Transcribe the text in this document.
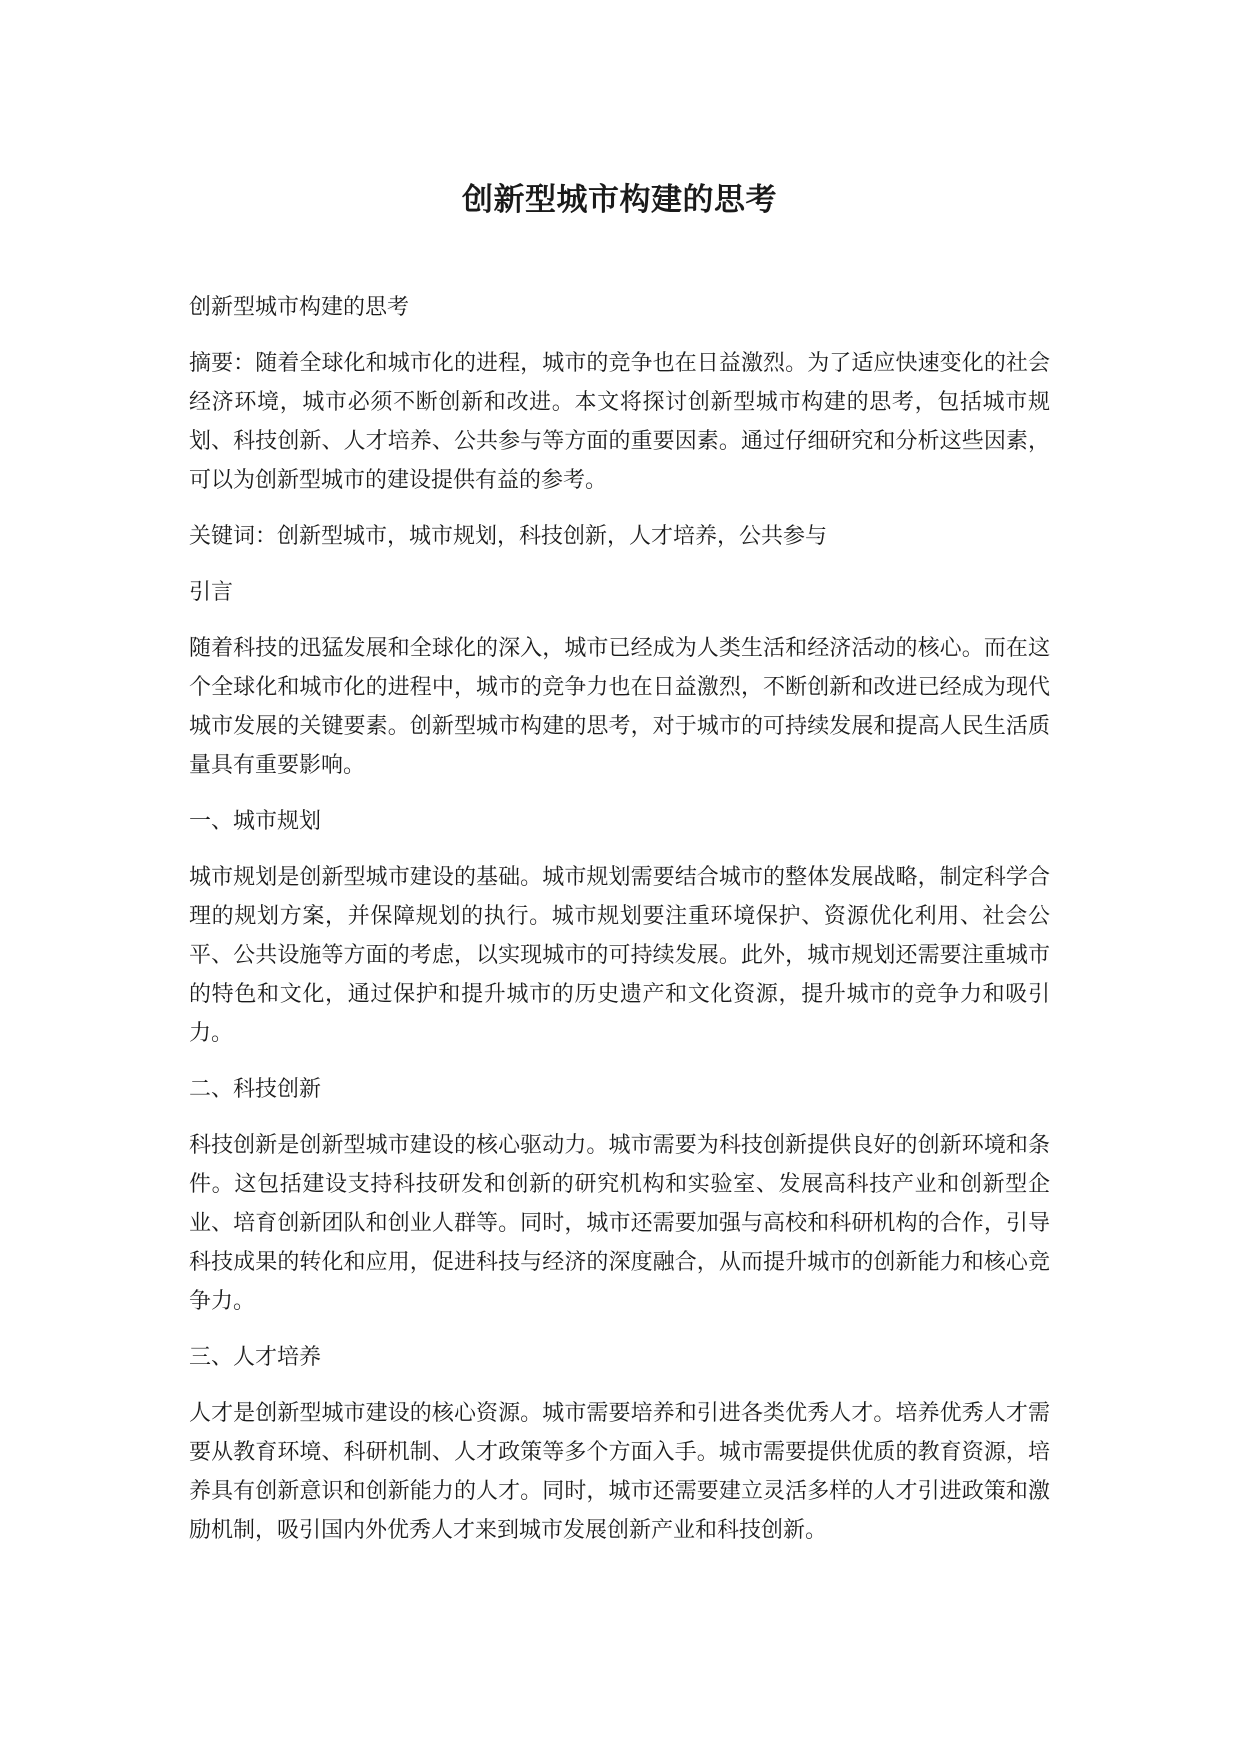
创新型城市构建的思考

创新型城市构建的思考

摘要：随着全球化和城市化的进程，城市的竞争也在日益激烈。为了适应快速变化的社会经济环境，城市必须不断创新和改进。本文将探讨创新型城市构建的思考，包括城市规划、科技创新、人才培养、公共参与等方面的重要因素。通过仔细研究和分析这些因素，可以为创新型城市的建设提供有益的参考。

关键词：创新型城市，城市规划，科技创新，人才培养，公共参与

引言

随着科技的迅猛发展和全球化的深入，城市已经成为人类生活和经济活动的核心。而在这个全球化和城市化的进程中，城市的竞争力也在日益激烈，不断创新和改进已经成为现代城市发展的关键要素。创新型城市构建的思考，对于城市的可持续发展和提高人民生活质量具有重要影响。

一、城市规划

城市规划是创新型城市建设的基础。城市规划需要结合城市的整体发展战略，制定科学合理的规划方案，并保障规划的执行。城市规划要注重环境保护、资源优化利用、社会公平、公共设施等方面的考虑，以实现城市的可持续发展。此外，城市规划还需要注重城市的特色和文化，通过保护和提升城市的历史遗产和文化资源，提升城市的竞争力和吸引力。

二、科技创新

科技创新是创新型城市建设的核心驱动力。城市需要为科技创新提供良好的创新环境和条件。这包括建设支持科技研发和创新的研究机构和实验室、发展高科技产业和创新型企业、培育创新团队和创业人群等。同时，城市还需要加强与高校和科研机构的合作，引导科技成果的转化和应用，促进科技与经济的深度融合，从而提升城市的创新能力和核心竞争力。

三、人才培养

人才是创新型城市建设的核心资源。城市需要培养和引进各类优秀人才。培养优秀人才需要从教育环境、科研机制、人才政策等多个方面入手。城市需要提供优质的教育资源，培养具有创新意识和创新能力的人才。同时，城市还需要建立灵活多样的人才引进政策和激励机制，吸引国内外优秀人才来到城市发展创新产业和科技创新。
